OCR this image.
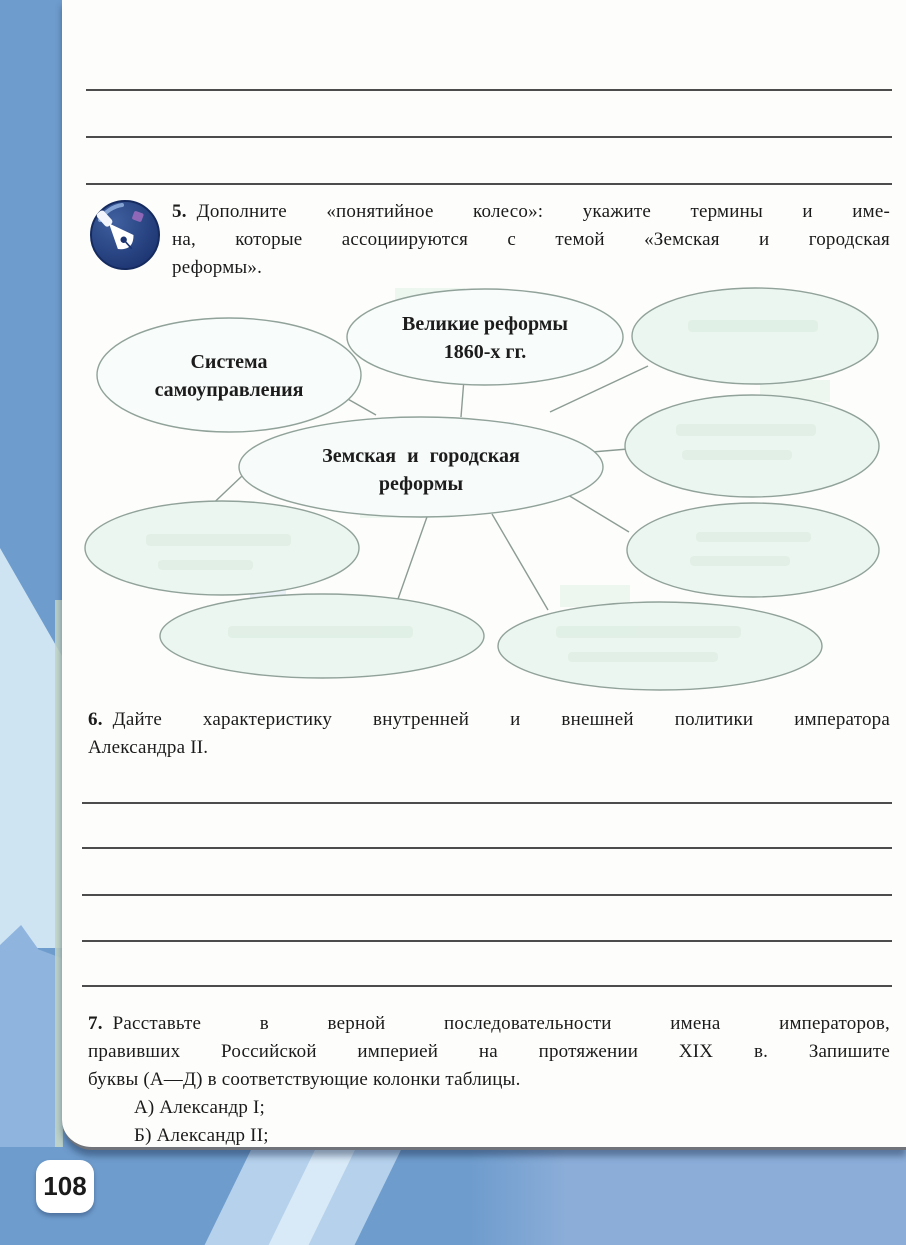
5. Дополните «понятийное колесо»: укажите термины и име-
на, которые ассоциируются с темой «Земская и городская
реформы».
Система
самоуправления
Великие реформы
1860-х гг.
Земская и городская
реформы
6. Дайте характеристику внутренней и внешней политики императора
Александра II.
7. Расставьте в верной последовательности имена императоров,
правивших Российской империей на протяжении XIX в. Запишите
буквы (А—Д) в соответствующие колонки таблицы.
А) Александр I;
Б) Александр II;
108
